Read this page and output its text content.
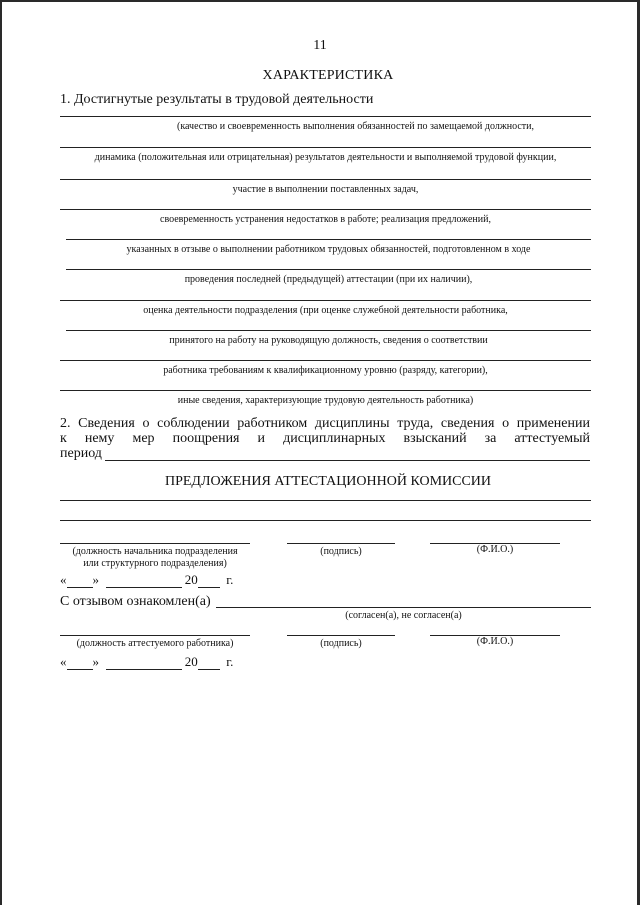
11
ХАРАКТЕРИСТИКА
1. Достигнутые результаты в трудовой деятельности
(качество и своевременность выполнения обязанностей по замещаемой должности,
динамика (положительная или отрицательная) результатов деятельности и выполняемой трудовой функции,
участие в выполнении поставленных задач,
своевременность устранения недостатков в работе; реализация предложений,
указанных в отзыве о выполнении работником трудовых обязанностей, подготовленном в ходе
проведения последней (предыдущей) аттестации (при их наличии),
оценка деятельности подразделения (при оценке служебной деятельности работника,
принятого на работу на руководящую должность, сведения о соответствии
работника требованиям к квалификационному уровню (разряду, категории),
иные сведения, характеризующие трудовую деятельность работника)
2. Сведения о соблюдении работником дисциплины труда, сведения о применении
к нему мер поощрения и дисциплинарных взысканий за аттестуемый
период
ПРЕДЛОЖЕНИЯ АТТЕСТАЦИОННОЙ КОМИССИИ
(должность начальника подразделения
или структурного подразделения)
(подпись)	(Ф.И.О.)
« »	20 г.
С отзывом ознакомлен(а)
(согласен(а), не согласен(а)
(должность аттестуемого работника)	(подпись)	(Ф.И.О.)
« »	20 г.
